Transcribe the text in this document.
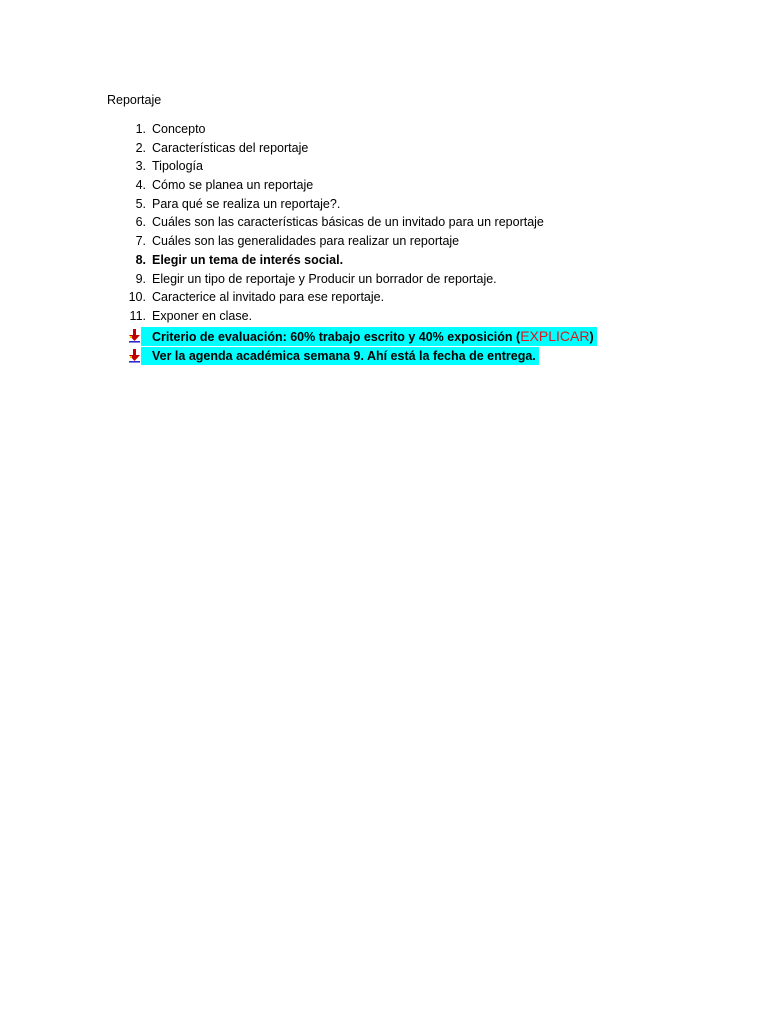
Reportaje
1. Concepto
2. Características del reportaje
3. Tipología
4. Cómo se planea un reportaje
5. Para qué se realiza un reportaje?.
6. Cuáles son las características básicas de un invitado para un reportaje
7. Cuáles son las generalidades para realizar un reportaje
8. Elegir un tema de interés social.
9. Elegir un tipo de reportaje y Producir un borrador de reportaje.
10. Caracterice al invitado para ese reportaje.
11. Exponer en clase.
Criterio de evaluación: 60% trabajo escrito y 40% exposición (EXPLICAR)
Ver la agenda académica semana 9. Ahí está la fecha de entrega.
